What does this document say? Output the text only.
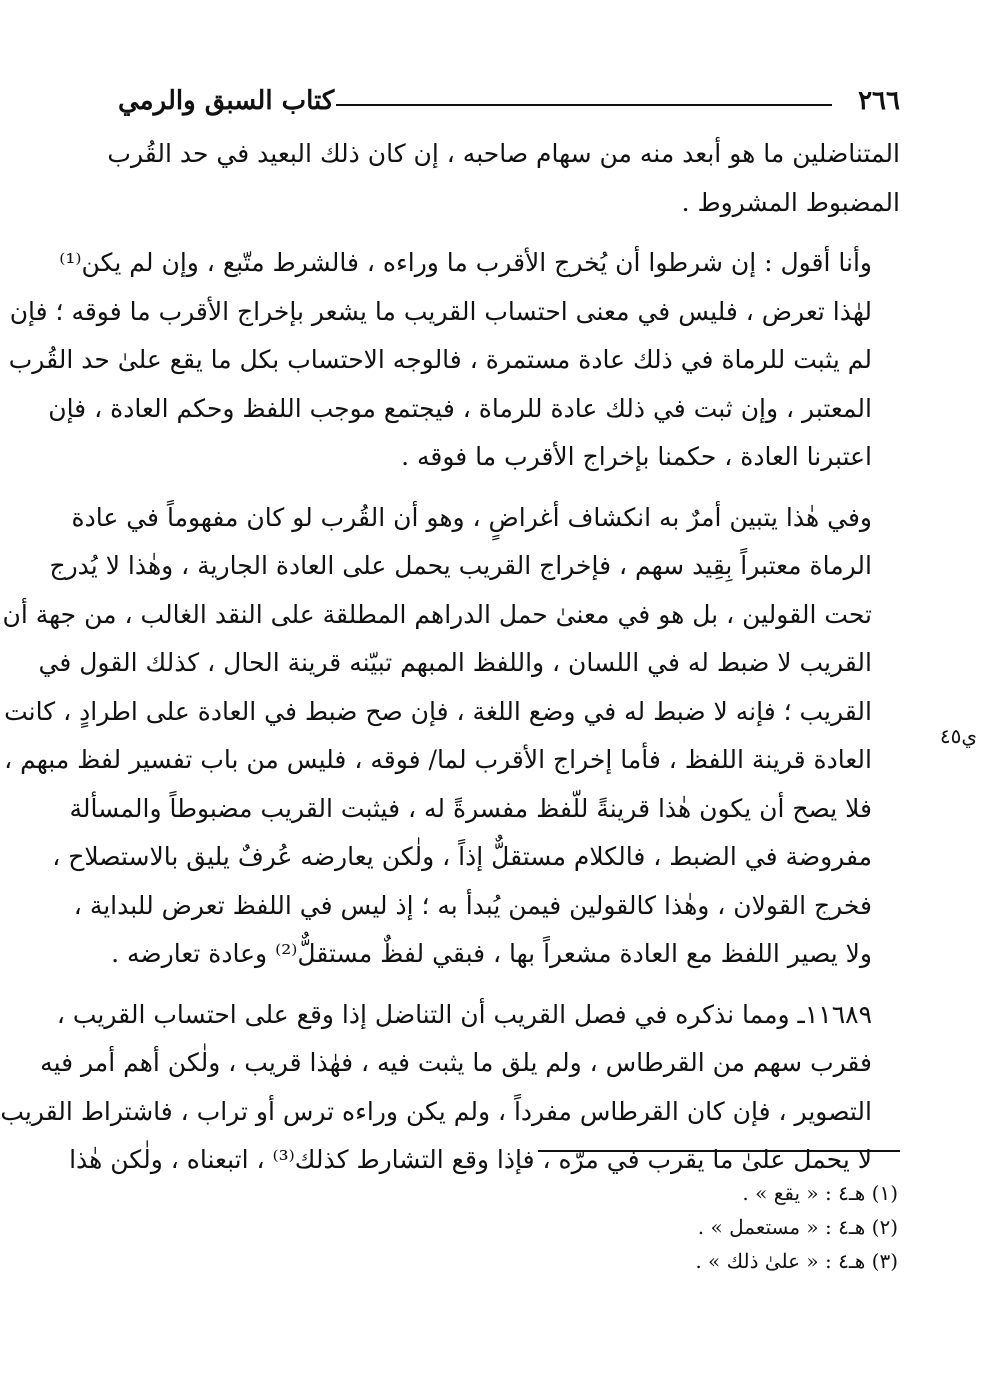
٢٦٦
كتاب السبق والرمي
ي٤٥

المتناضلين ما هو أبعد منه من سهام صاحبه ، إن كان ذلك البعيد في حد القُرب
المضبوط المشروط .

وأنا أقول : إن شرطوا أن يُخرج الأقرب ما وراءه ، فالشرط متّبع ، وإن لم يكن⁽¹⁾
لهٰذا تعرض ، فليس في معنى احتساب القريب ما يشعر بإخراج الأقرب ما فوقه ؛ فإن
لم يثبت للرماة في ذلك عادة مستمرة ، فالوجه الاحتساب بكل ما يقع علىٰ حد القُرب
المعتبر ، وإن ثبت في ذلك عادة للرماة ، فيجتمع موجب اللفظ وحكم العادة ، فإن
اعتبرنا العادة ، حكمنا بإخراج الأقرب ما فوقه .

وفي هٰذا يتبين أمرٌ به انكشاف أغراضٍ ، وهو أن القُرب لو كان مفهوماً في عادة
الرماة معتبراً بِقِيد سهم ، فإخراج القريب يحمل على العادة الجارية ، وهٰذا لا يُدرج
تحت القولين ، بل هو في معنىٰ حمل الدراهم المطلقة على النقد الغالب ، من جهة أن
القريب لا ضبط له في اللسان ، واللفظ المبهم تبيّنه قرينة الحال ، كذلك القول في
القريب ؛ فإنه لا ضبط له في وضع اللغة ، فإن صح ضبط في العادة على اطرادٍ ، كانت
العادة قرينة اللفظ ، فأما إخراج الأقرب لما/ فوقه ، فليس من باب تفسير لفظ مبهم ،
فلا يصح أن يكون هٰذا قرينةً للّفظ مفسرةً له ، فيثبت القريب مضبوطاً والمسألة
مفروضة في الضبط ، فالكلام مستقلٌّ إذاً ، ولٰكن يعارضه عُرفٌ يليق بالاستصلاح ،
فخرج القولان ، وهٰذا كالقولين فيمن يُبدأ به ؛ إذ ليس في اللفظ تعرض للبداية ،
ولا يصير اللفظ مع العادة مشعراً بها ، فبقي لفظٌ مستقلٌّ⁽²⁾ وعادة تعارضه .

١١٦٨٩ـ ومما نذكره في فصل القريب أن التناضل إذا وقع على احتساب القريب ،
فقرب سهم من القرطاس ، ولم يلق ما يثبت فيه ، فهٰذا قريب ، ولٰكن أهم أمر فيه
التصوير ، فإن كان القرطاس مفرداً ، ولم يكن وراءه ترس أو تراب ، فاشتراط القريب
لا يحمل علىٰ ما يقرب في مرّه ، فإذا وقع التشارط كذلك⁽³⁾ ، اتبعناه ، ولٰكن هٰذا

(١) هـ٤ : « يقع » .
(٢) هـ٤ : « مستعمل » .
(٣) هـ٤ : « علىٰ ذلك » .
